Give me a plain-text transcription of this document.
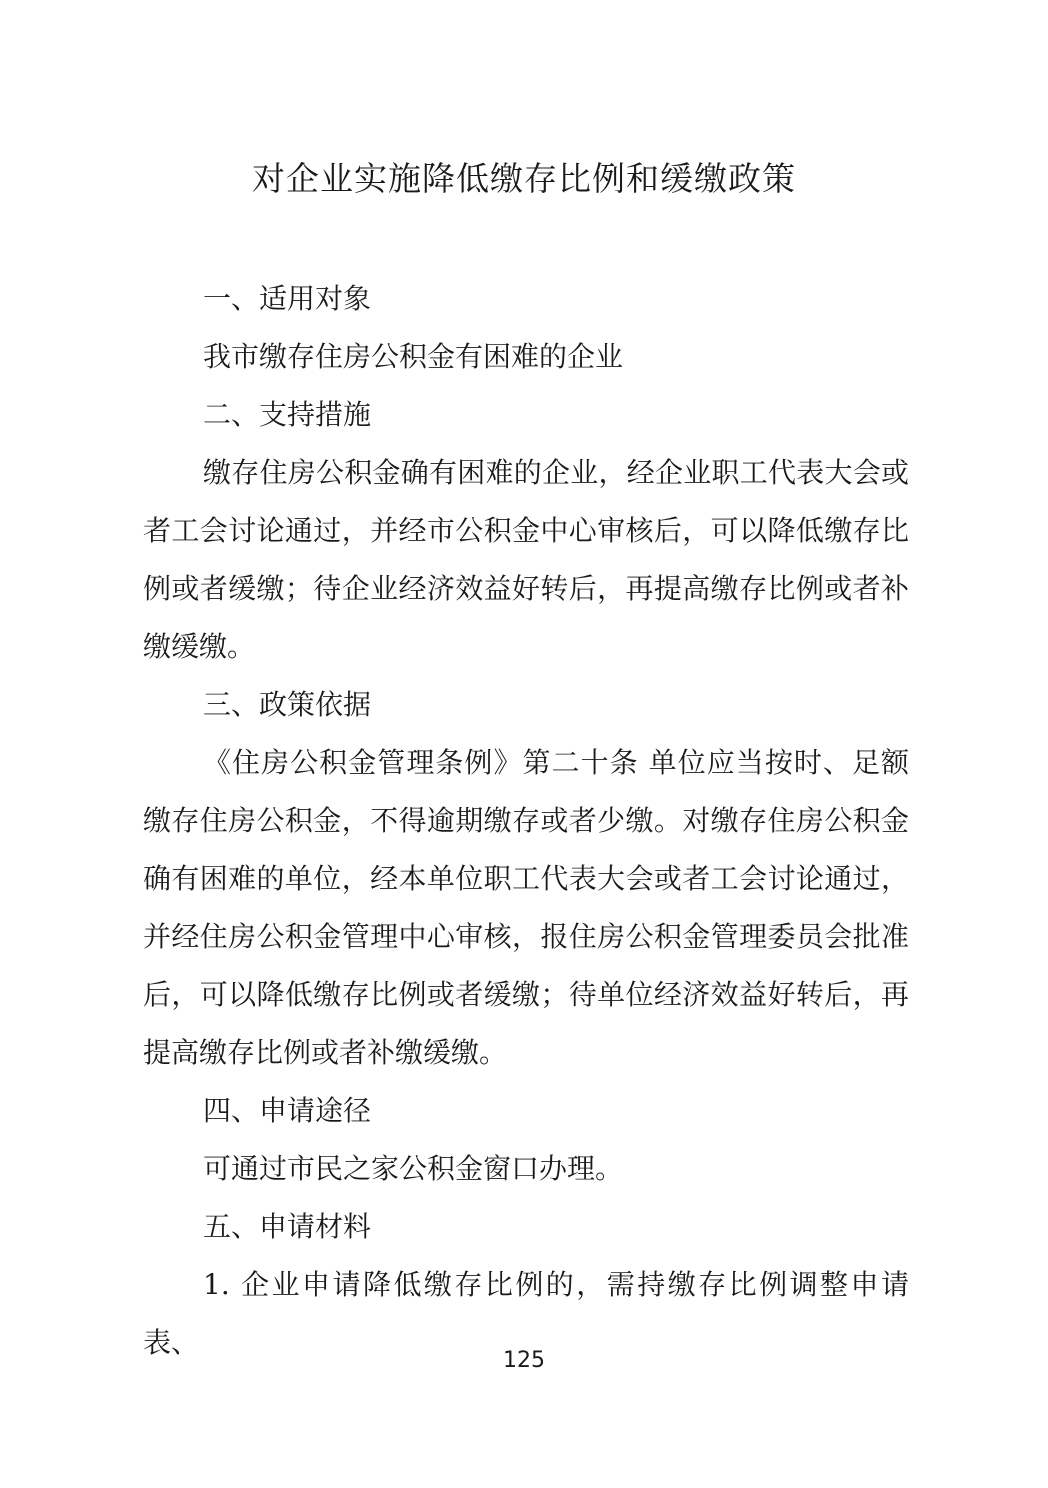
对企业实施降低缴存比例和缓缴政策

一、适用对象

我市缴存住房公积金有困难的企业

二、支持措施

缴存住房公积金确有困难的企业，经企业职工代表大会或者工会讨论通过，并经市公积金中心审核后，可以降低缴存比例或者缓缴；待企业经济效益好转后，再提高缴存比例或者补缴缓缴。

三、政策依据

《住房公积金管理条例》第二十条 单位应当按时、足额缴存住房公积金，不得逾期缴存或者少缴。对缴存住房公积金确有困难的单位，经本单位职工代表大会或者工会讨论通过，并经住房公积金管理中心审核，报住房公积金管理委员会批准后，可以降低缴存比例或者缓缴；待单位经济效益好转后，再提高缴存比例或者补缴缓缴。

四、申请途径

可通过市民之家公积金窗口办理。

五、申请材料

1. 企业申请降低缴存比例的，需持缴存比例调整申请表、

125
